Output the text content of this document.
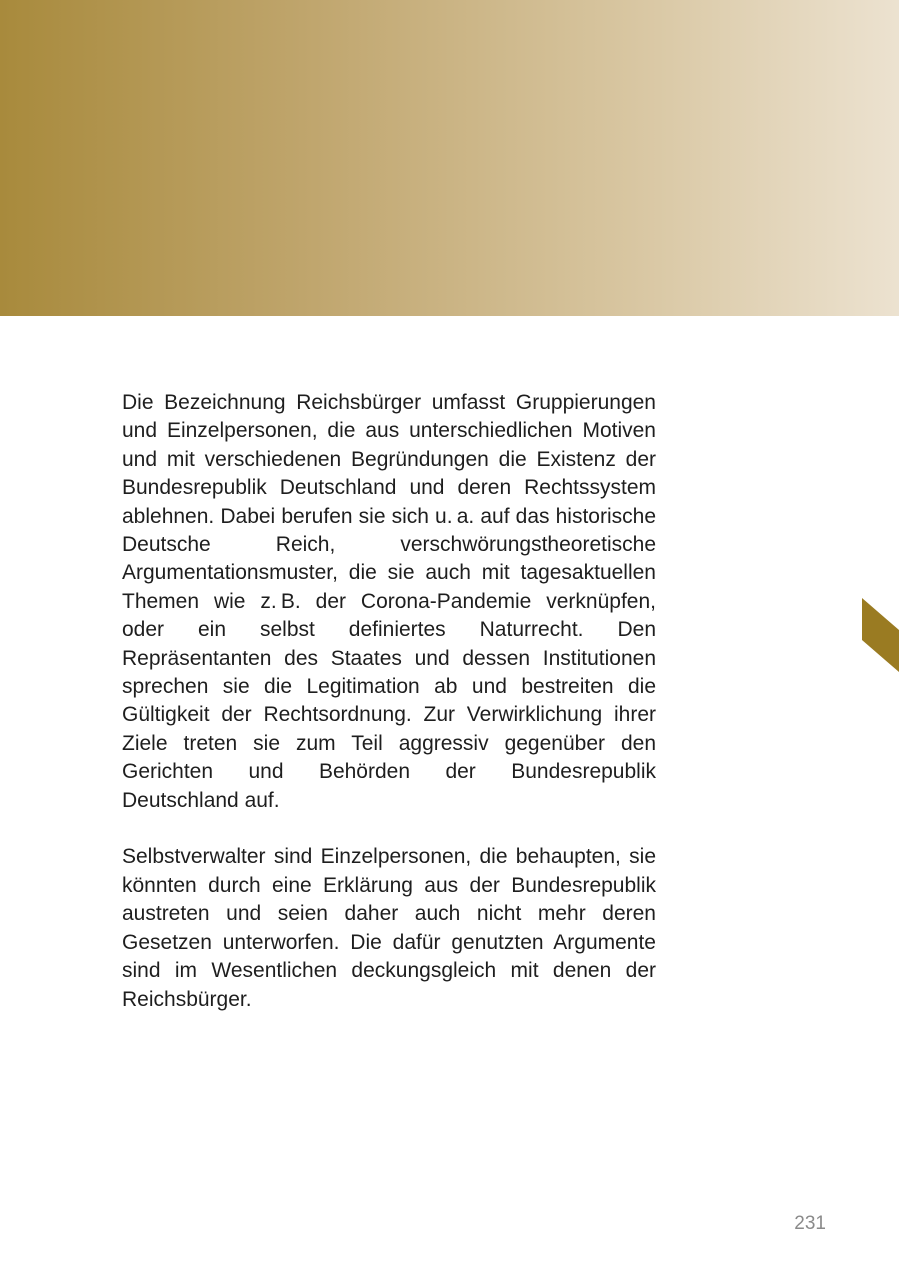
Die Bezeichnung Reichsbürger umfasst Gruppierungen und Einzelpersonen, die aus unterschiedlichen Motiven und mit verschiedenen Begründungen die Existenz der Bundesrepublik Deutschland und deren Rechtssystem ablehnen. Dabei berufen sie sich u. a. auf das historische Deutsche Reich, verschwörungstheoretische Argumentationsmuster, die sie auch mit tagesaktuellen Themen wie z. B. der Corona-Pandemie verknüpfen, oder ein selbst definiertes Naturrecht. Den Repräsentanten des Staates und dessen Institutionen sprechen sie die Legitimation ab und bestreiten die Gültigkeit der Rechtsordnung. Zur Verwirklichung ihrer Ziele treten sie zum Teil aggressiv gegenüber den Gerichten und Behörden der Bundesrepublik Deutschland auf.

Selbstverwalter sind Einzelpersonen, die behaupten, sie könnten durch eine Erklärung aus der Bundesrepublik austreten und seien daher auch nicht mehr deren Gesetzen unterworfen. Die dafür genutzten Argumente sind im Wesentlichen deckungsgleich mit denen der Reichsbürger.

231
